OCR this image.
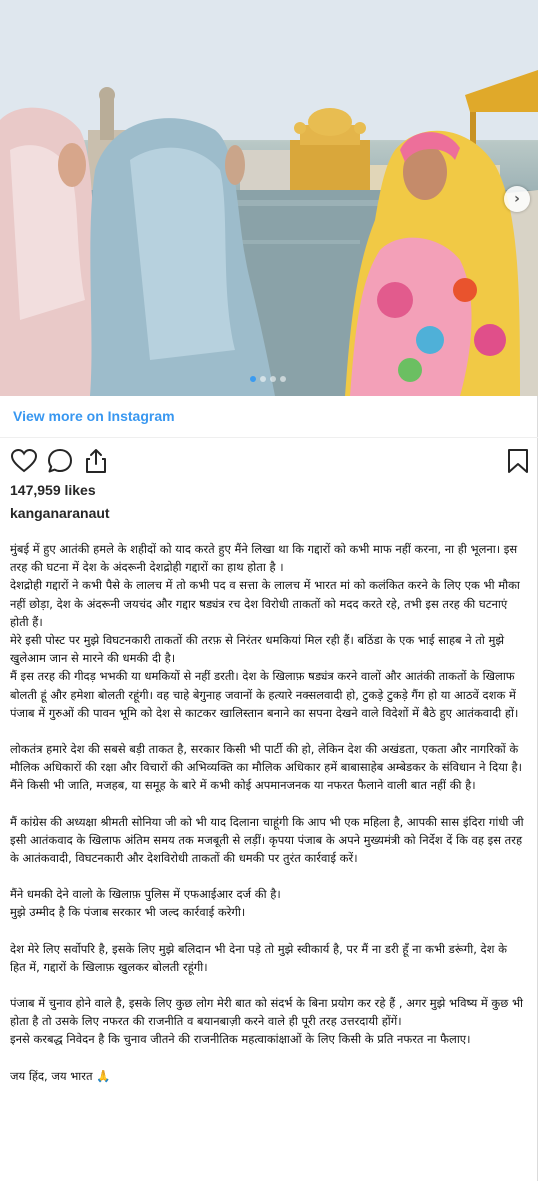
›
View more on Instagram
147,959 likes
kanganaranaut

मुंबई में हुए आतंकी हमले के शहीदों को याद करते हुए मैंने लिखा था कि गद्दारों को कभी माफ नहीं करना, ना ही भूलना। इस तरह की घटना में देश के अंदरूनी देशद्रोही गद्दारों का हाथ होता है ।

देशद्रोही गद्दारों ने कभी पैसे के लालच में तो कभी पद व सत्ता के लालच में भारत मां को कलंकित करने के लिए एक भी मौका नहीं छोड़ा, देश के अंदरूनी जयचंद और गद्दार षड्यंत्र रच देश विरोधी ताकतों को मदद करते रहे, तभी इस तरह की घटनाएं होती हैं।

मेरे इसी पोस्ट पर मुझे विघटनकारी ताकतों की तरफ़ से निरंतर धमकियां मिल रही हैं। बठिंडा के एक भाई साहब ने तो मुझे खुलेआम जान से मारने की धमकी दी है।

मैं इस तरह की गीदड़ भभकी या धमकियों से नहीं डरती। देश के खिलाफ़ षड्यंत्र करने वालों और आतंकी ताकतों के खिलाफ बोलती हूं और हमेशा बोलती रहूंगी। वह चाहे बेगुनाह जवानों के हत्यारे नक्सलवादी हो, टुकड़े टुकड़े गैंग हो या आठवें दशक में पंजाब में गुरुओं की पावन भूमि को देश से काटकर खालिस्तान बनाने का सपना देखने वाले विदेशों में बैठे हुए आतंकवादी हों।

लोकतंत्र हमारे देश की सबसे बड़ी ताकत है, सरकार किसी भी पार्टी की हो, लेकिन देश की अखंडता, एकता और नागरिकों के मौलिक अधिकारों की रक्षा और विचारों की अभिव्यक्ति का मौलिक अधिकार हमें बाबासाहेब अम्बेडकर के संविधान ने दिया है। मैंने किसी भी जाति, मजहब, या समूह के बारे में कभी कोई अपमानजनक या नफरत फैलाने वाली बात नहीं की है।

मैं कांग्रेस की अध्यक्षा श्रीमती सोनिया जी को भी याद दिलाना चाहूंगी कि आप भी एक महिला है, आपकी सास इंदिरा गांधी जी इसी आतंकवाद के खिलाफ अंतिम समय तक मजबूती से लड़ीं। कृपया पंजाब के अपने मुख्यमंत्री को निर्देश दें कि वह इस तरह के आतंकवादी, विघटनकारी और देशविरोधी ताकतों की धमकी पर तुरंत कार्रवाई करें।

मैंने धमकी देने वालो के खिलाफ़ पुलिस में एफआईआर दर्ज की है।

मुझे उम्मीद है कि पंजाब सरकार भी जल्द कार्रवाई करेगी।

देश मेरे लिए सर्वोपरि है, इसके लिए मुझे बलिदान भी देना पड़े तो मुझे स्वीकार्य है, पर मैं ना डरी हूँ ना कभी डरूंगी, देश के हित में, गद्दारों के खिलाफ़ खुलकर बोलती रहूंगी।

पंजाब में चुनाव होने वाले है, इसके लिए कुछ लोग मेरी बात को संदर्भ के बिना प्रयोग कर रहे हैं , अगर मुझे भविष्य में कुछ भी होता है तो उसके लिए नफरत की राजनीति व बयानबाज़ी करने वाले ही पूरी तरह उत्तरदायी होंगें।

इनसे करबद्ध निवेदन है कि चुनाव जीतने की राजनीतिक महत्वाकांक्षाओं के लिए किसी के प्रति नफरत ना फैलाए।

जय हिंद, जय भारत 🙏
